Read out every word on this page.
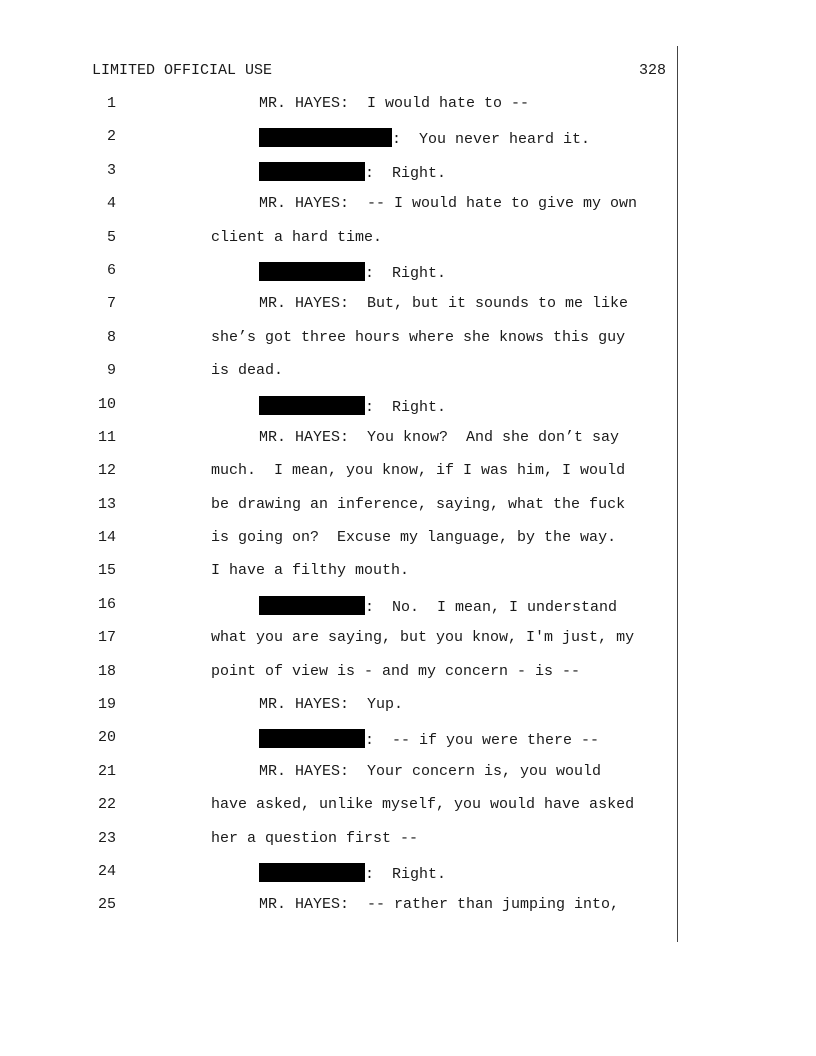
LIMITED OFFICIAL USE	328
1	MR. HAYES:  I would hate to --
2	:  You never heard it.
3	:  Right.
4	MR. HAYES:  -- I would hate to give my own
5	client a hard time.
6	:  Right.
7	MR. HAYES:  But, but it sounds to me like
8	she’s got three hours where she knows this guy
9	is dead.
10	:  Right.
11	MR. HAYES:  You know?  And she don’t say
12	much.  I mean, you know, if I was him, I would
13	be drawing an inference, saying, what the fuck
14	is going on?  Excuse my language, by the way.
15	I have a filthy mouth.
16	:  No.  I mean, I understand
17	what you are saying, but you know, I'm just, my
18	point of view is - and my concern - is --
19	MR. HAYES:  Yup.
20	:  -- if you were there --
21	MR. HAYES:  Your concern is, you would
22	have asked, unlike myself, you would have asked
23	her a question first --
24	:  Right.
25	MR. HAYES:  -- rather than jumping into,
